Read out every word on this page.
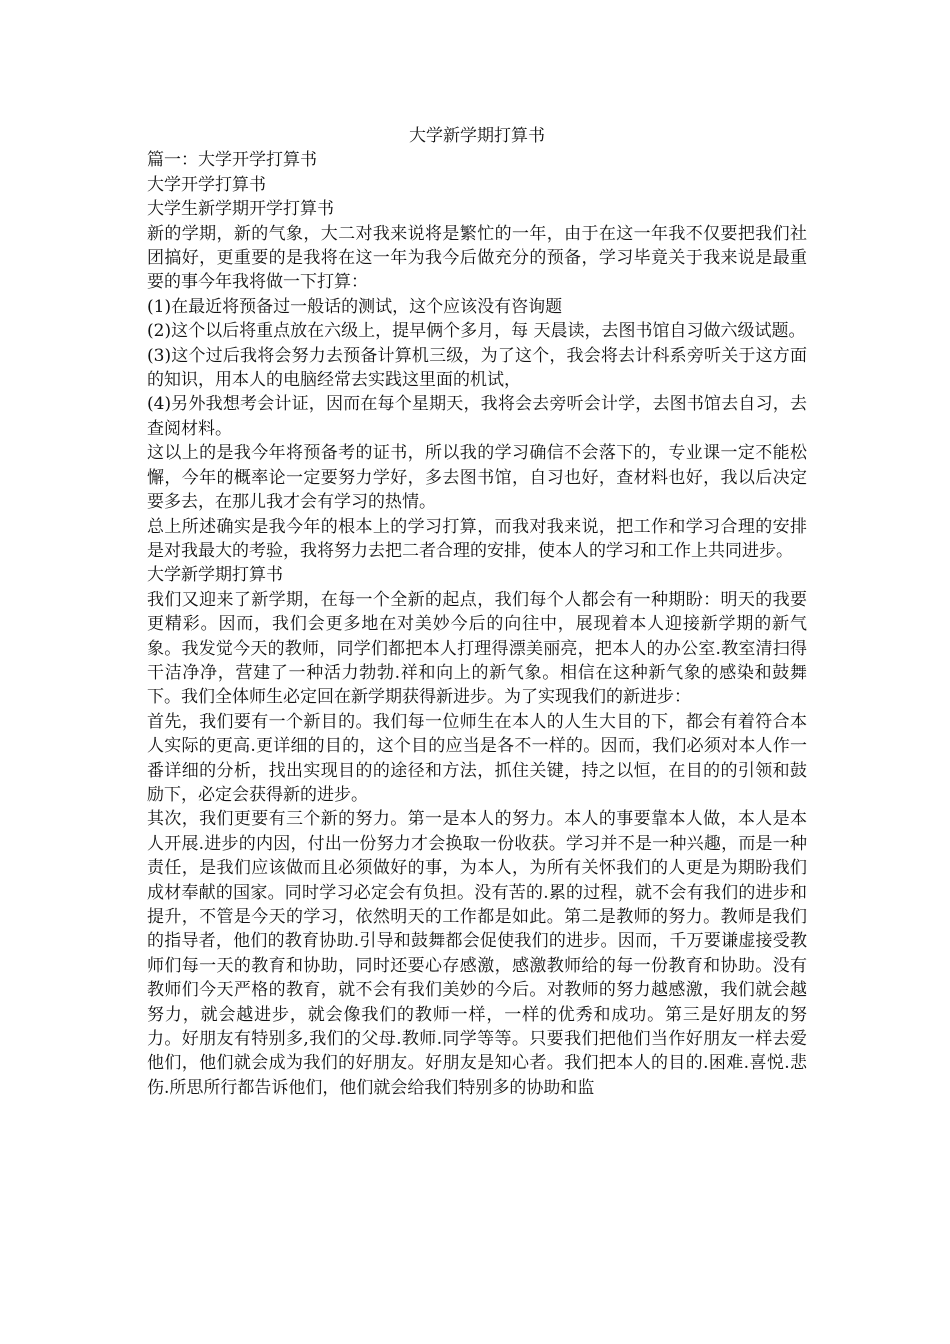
大学新学期打算书

篇一：大学开学打算书

大学开学打算书

大学生新学期开学打算书

新的学期，新的气象，大二对我来说将是繁忙的一年，由于在这一年我不仅要把我们社团搞好，更重要的是我将在这一年为我今后做充分的预备，学习毕竟关于我来说是最重要的事今年我将做一下打算：

(1)在最近将预备过一般话的测试，这个应该没有咨询题

(2)这个以后将重点放在六级上，提早俩个多月，每 天晨读，去图书馆自习做六级试题。

(3)这个过后我将会努力去预备计算机三级，为了这个，我会将去计科系旁听关于这方面的知识，用本人的电脑经常去实践这里面的机试，

(4)另外我想考会计证，因而在每个星期天，我将会去旁听会计学，去图书馆去自习，去查阅材料。

这以上的是我今年将预备考的证书，所以我的学习确信不会落下的，专业课一定不能松懈，今年的概率论一定要努力学好，多去图书馆，自习也好，查材料也好，我以后决定要多去，在那儿我才会有学习的热情。

总上所述确实是我今年的根本上的学习打算，而我对我来说，把工作和学习合理的安排是对我最大的考验，我将努力去把二者合理的安排，使本人的学习和工作上共同进步。

大学新学期打算书

我们又迎来了新学期，在每一个全新的起点，我们每个人都会有一种期盼：明天的我要更精彩。因而，我们会更多地在对美妙今后的向往中，展现着本人迎接新学期的新气象。我发觉今天的教师，同学们都把本人打理得漂美丽亮，把本人的办公室.教室清扫得干洁净净，营建了一种活力勃勃.祥和向上的新气象。相信在这种新气象的感染和鼓舞下。我们全体师生必定回在新学期获得新进步。为了实现我们的新进步：

首先，我们要有一个新目的。我们每一位师生在本人的人生大目的下，都会有着符合本人实际的更高.更详细的目的，这个目的应当是各不一样的。因而，我们必须对本人作一番详细的分析，找出实现目的的途径和方法，抓住关键，持之以恒，在目的的引领和鼓励下，必定会获得新的进步。

其次，我们更要有三个新的努力。第一是本人的努力。本人的事要靠本人做，本人是本人开展.进步的内因，付出一份努力才会换取一份收获。学习并不是一种兴趣，而是一种责任，是我们应该做而且必须做好的事，为本人，为所有关怀我们的人更是为期盼我们成材奉献的国家。同时学习必定会有负担。没有苦的.累的过程，就不会有我们的进步和提升，不管是今天的学习，依然明天的工作都是如此。第二是教师的努力。教师是我们的指导者，他们的教育协助.引导和鼓舞都会促使我们的进步。因而，千万要谦虚接受教师们每一天的教育和协助，同时还要心存感激，感激教师给的每一份教育和协助。没有教师们今天严格的教育，就不会有我们美妙的今后。对教师的努力越感激，我们就会越努力，就会越进步，就会像我们的教师一样，一样的优秀和成功。第三是好朋友的努力。好朋友有特别多,我们的父母.教师.同学等等。只要我们把他们当作好朋友一样去爱他们，他们就会成为我们的好朋友。好朋友是知心者。我们把本人的目的.困难.喜悦.悲伤.所思所行都告诉他们，他们就会给我们特别多的协助和监
